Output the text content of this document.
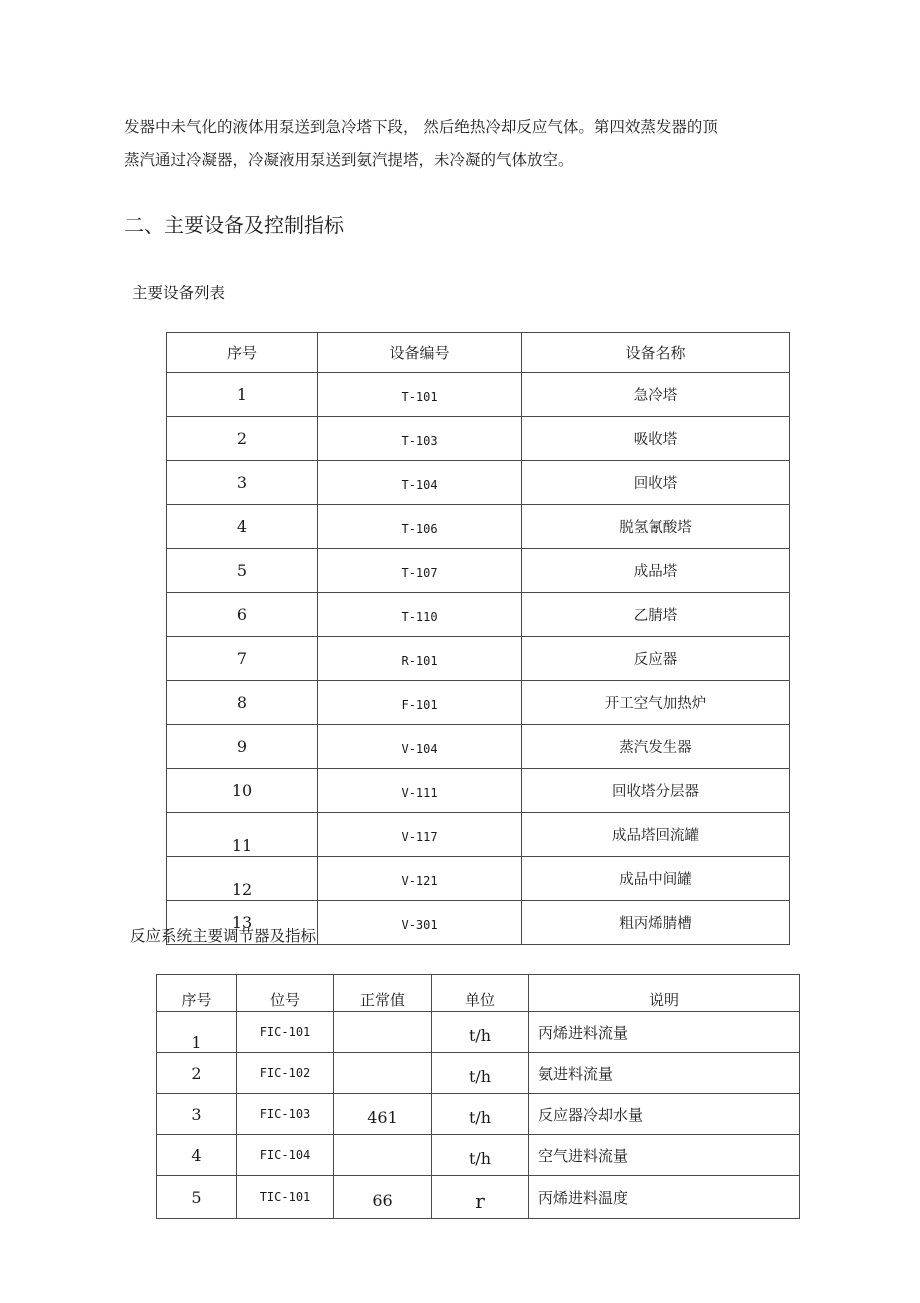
发器中未气化的液体用泵送到急冷塔下段， 然后绝热冷却反应气体。第四效蒸发器的顶
蒸汽通过冷凝器，冷凝液用泵送到氨汽提塔，未冷凝的气体放空。
二、主要设备及控制指标
主要设备列表
序号	设备编号	设备名称
1	T-101	急冷塔
2	T-103	吸收塔
3	T-104	回收塔
4	T-106	脱氢氰酸塔
5	T-107	成品塔
6	T-110	乙腈塔
7	R-101	反应器
8	F-101	开工空气加热炉
9	V-104	蒸汽发生器
10	V-111	回收塔分层器
11	V-117	成品塔回流罐
12	V-121	成品中间罐
13	V-301	粗丙烯腈槽
反应系统主要调节器及指标
序号	位号	正常值	单位	说明
1	FIC-101		t/h	丙烯进料流量
2	FIC-102		t/h	氨进料流量
3	FIC-103	461	t/h	反应器冷却水量
4	FIC-104		t/h	空气进料流量
5	TIC-101	66	r	丙烯进料温度
